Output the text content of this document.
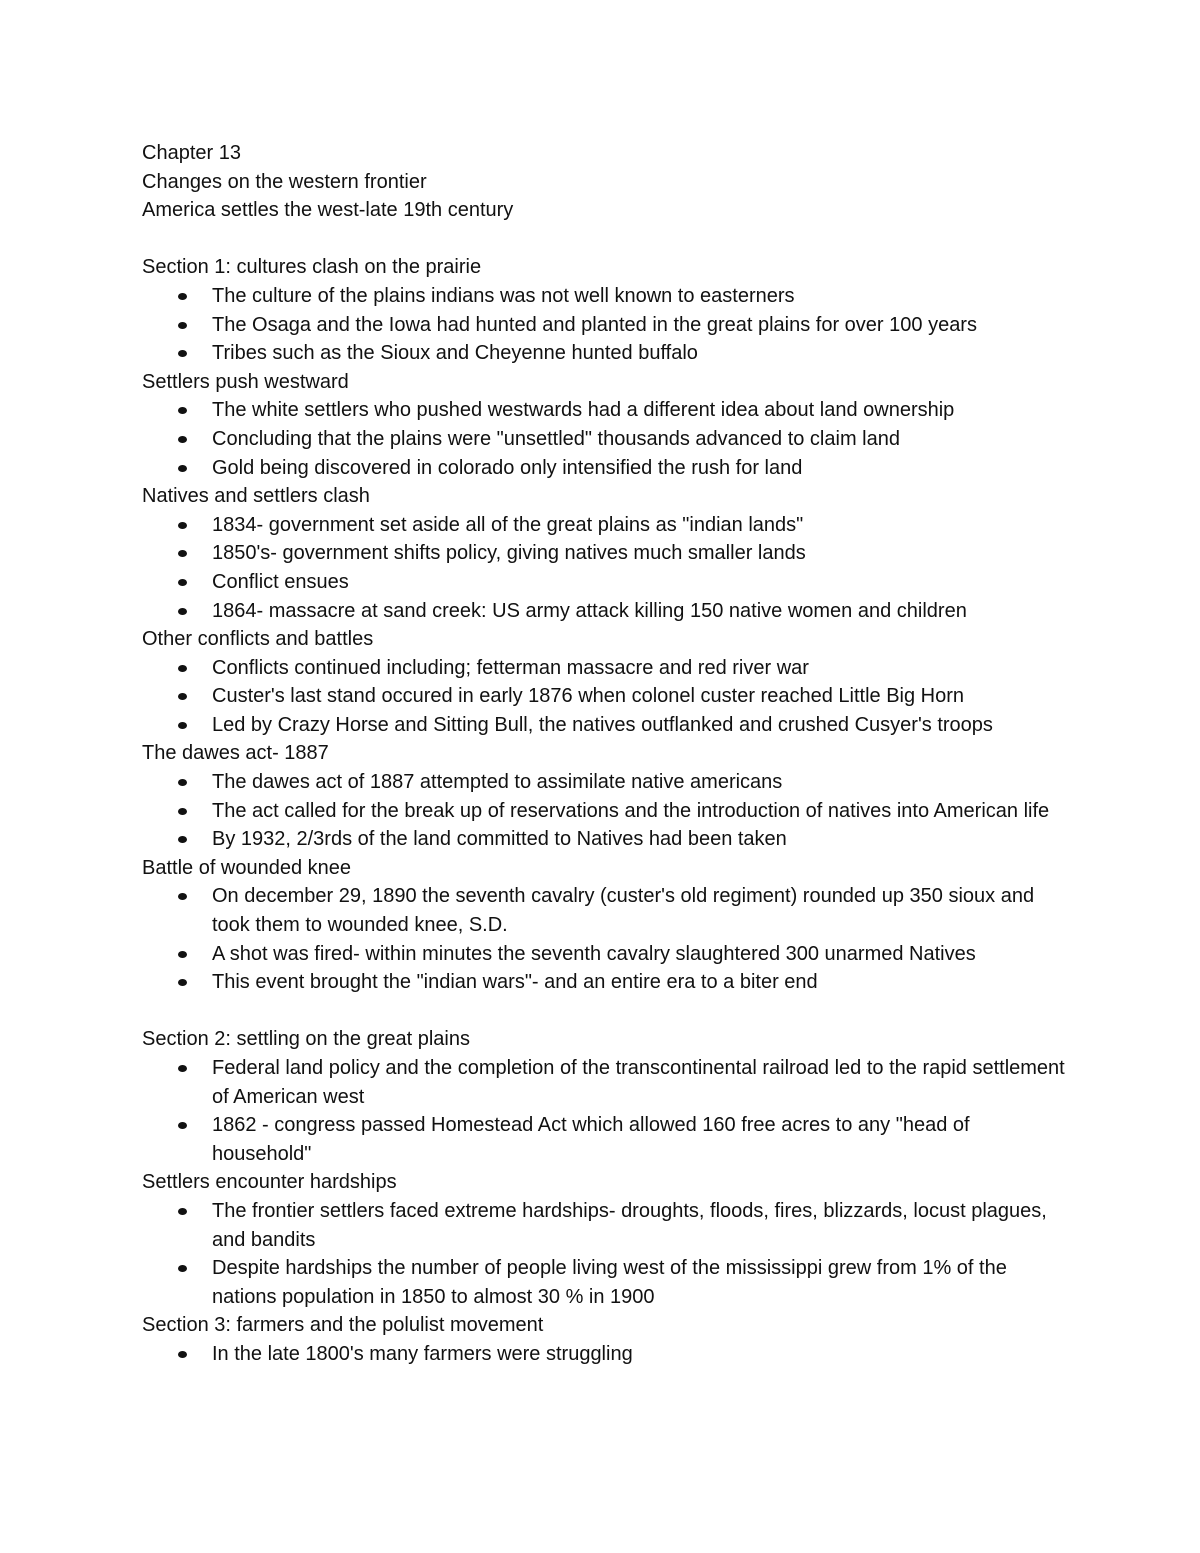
Chapter 13
Changes on the western frontier
America settles the west-late 19th century
Section 1: cultures clash on the prairie
The culture of the plains indians was not well known to easterners
The Osaga and the Iowa had hunted and planted in the great plains for over 100 years
Tribes such as the Sioux and Cheyenne hunted buffalo
Settlers push westward
The white settlers who pushed westwards had a different idea about land ownership
Concluding that the plains were "unsettled" thousands advanced to claim land
Gold being discovered in colorado only intensified the rush for land
Natives and settlers clash
1834- government set aside all of the great plains as "indian lands"
1850's- government shifts policy, giving natives much smaller lands
Conflict ensues
1864- massacre at sand creek: US army attack killing 150 native women and children
Other conflicts and battles
Conflicts continued including; fetterman massacre and red river war
Custer's last stand occured in early 1876 when colonel custer reached Little Big Horn
Led by Crazy Horse and Sitting Bull, the natives outflanked and crushed Cusyer's troops
The dawes act- 1887
The dawes act of 1887 attempted to assimilate native americans
The act called for the break up of reservations and the introduction of natives into American life
By 1932, 2/3rds of the land committed to Natives had been taken
Battle of wounded knee
On december 29, 1890 the seventh cavalry (custer's old regiment) rounded up 350 sioux and took them to wounded knee, S.D.
A shot was fired- within minutes the seventh cavalry slaughtered 300 unarmed Natives
This event brought the "indian wars"- and an entire era to a biter end
Section 2: settling on the great plains
Federal land policy and the completion of the transcontinental railroad led to the rapid settlement of American west
1862 - congress passed Homestead Act which allowed 160 free acres to any "head of household"
Settlers encounter hardships
The frontier settlers faced extreme hardships- droughts, floods, fires, blizzards, locust plagues, and bandits
Despite hardships the number of people living west of the mississippi grew from 1% of the nations population in 1850 to almost 30 % in 1900
Section 3: farmers and the polulist movement
In the late 1800's many farmers were struggling
